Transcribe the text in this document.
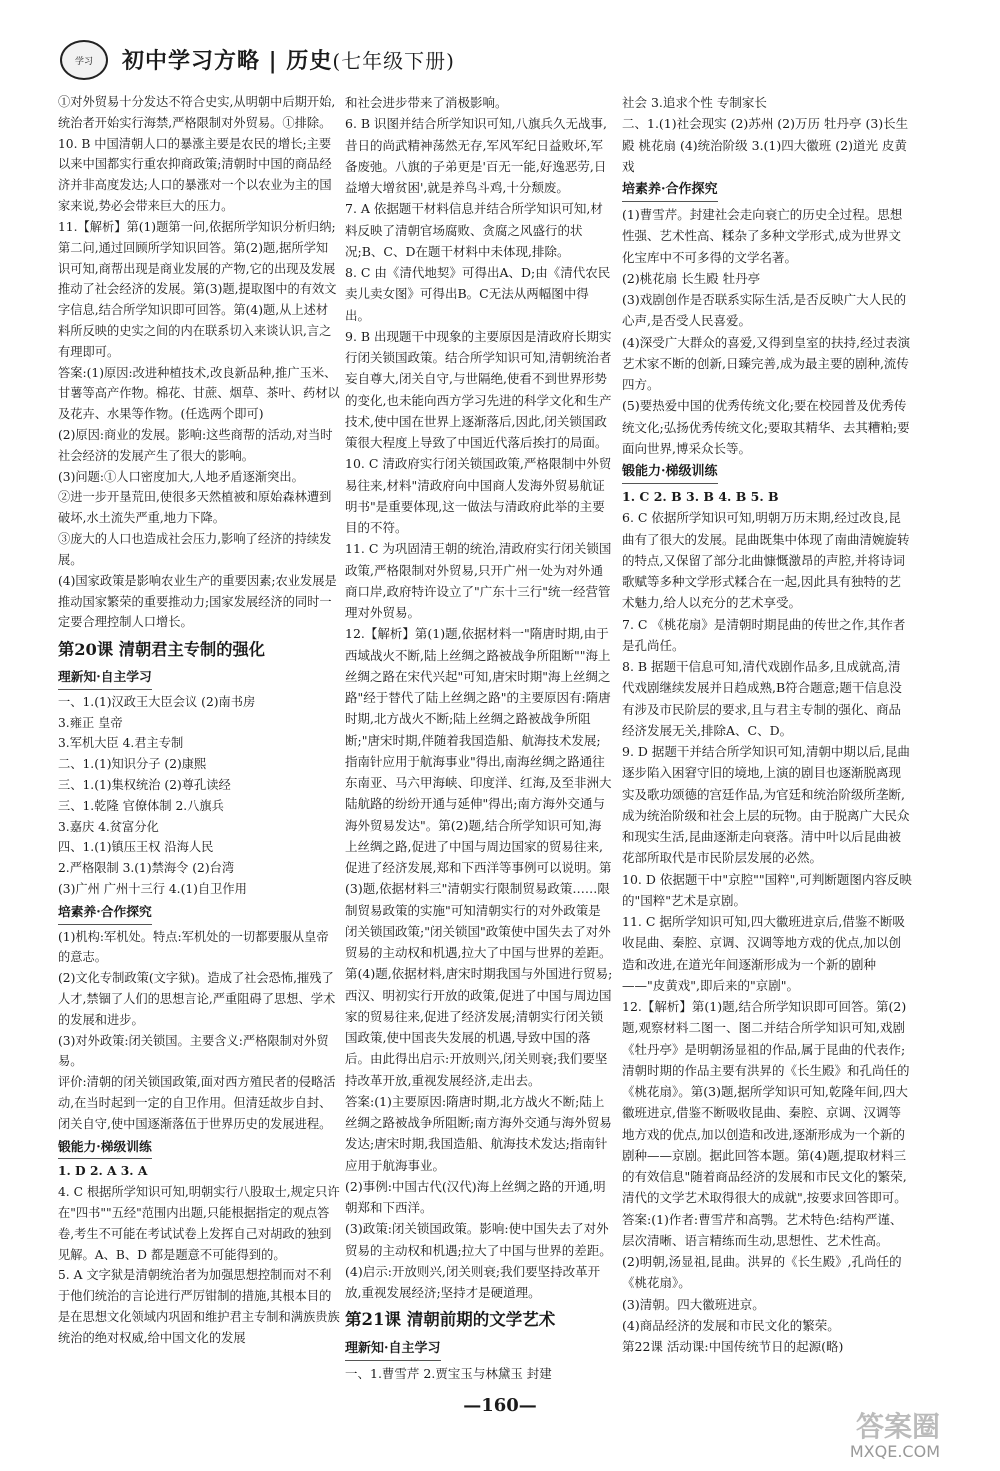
学习 初中学习方略 | 历史(七年级下册)

①对外贸易十分发达不符合史实,从明朝中后期开始,统治者开始实行海禁,严格限制对外贸易。①排除。

10. B 中国清朝人口的暴涨主要是农民的增长;主要以来中国都实行重农抑商政策;清朝时中国的商品经济并非高度发达;人口的暴涨对一个以农业为主的国家来说,势必会带来巨大的压力。

11.【解析】第(1)题第一问,依据所学知识分析归纳;第二问,通过回顾所学知识回答。第(2)题,据所学知识可知,商帮出现是商业发展的产物,它的出现及发展推动了社会经济的发展。第(3)题,提取图中的有效文字信息,结合所学知识即可回答。第(4)题,从上述材料所反映的史实之间的内在联系切入来谈认识,言之有理即可。

答案:(1)原因:改进种植技术,改良新品种,推广玉米、甘薯等高产作物。棉花、甘蔗、烟草、茶叶、药材以及花卉、水果等作物。(任选两个即可)

(2)原因:商业的发展。影响:这些商帮的活动,对当时社会经济的发展产生了很大的影响。

(3)问题:①人口密度加大,人地矛盾逐渐突出。

②进一步开垦荒田,使很多天然植被和原始森林遭到破坏,水土流失严重,地力下降。

③庞大的人口也造成社会压力,影响了经济的持续发展。

(4)国家政策是影响农业生产的重要因素;农业发展是推动国家繁荣的重要推动力;国家发展经济的同时一定要合理控制人口增长。

第20课 清朝君主专制的强化
理新知·自主学习

一、1.(1)汉政王大臣会议 (2)南书房

3.雍正 皇帝

3.军机大臣 4.君主专制

二、1.(1)知识分子 (2)康熙

三、1.(1)集权统治 (2)尊孔读经

三、1.乾隆 官僚体制 2.八旗兵

3.嘉庆 4.贫富分化

四、1.(1)镇压王权 沿海人民

2.严格限制 3.(1)禁海令 (2)台湾

(3)广州 广州十三行 4.(1)自卫作用

培素养·合作探究

(1)机构:军机处。特点:军机处的一切都要服从皇帝的意志。

(2)文化专制政策(文字狱)。造成了社会恐怖,摧残了人才,禁锢了人们的思想言论,严重阻碍了思想、学术的发展和进步。

(3)对外政策:闭关锁国。主要含义:严格限制对外贸易。

评价:清朝的闭关锁国政策,面对西方殖民者的侵略活动,在当时起到一定的自卫作用。但清廷故步自封、闭关自守,使中国逐渐落伍于世界历史的发展进程。

锻能力·梯级训练

1. D 2. A 3. A

4. C 根据所学知识可知,明朝实行八股取士,规定只许在"四书""五经"范围内出题,只能根据指定的观点答卷,考生不可能在考试试卷上发挥自己对胡政的独到见解。A、B、D 都是题意不可能得到的。

5. A 文字狱是清朝统治者为加强思想控制而对不利于他们统治的言论进行严厉钳制的措施,其根本目的是在思想文化领域内巩固和维护君主专制和满族贵族统治的绝对权威,给中国文化的发展

和社会进步带来了消极影响。

6. B 识图并结合所学知识可知,八旗兵久无战事,昔日的尚武精神荡然无存,军风军纪日益败坏,军备废弛。八旗的子弟更是'百无一能,好逸恶劳,日益增大增贫困',就是养鸟斗鸡,十分颓废。

7. A 依据题干材料信息并结合所学知识可知,材料反映了清朝官场腐败、贪腐之风盛行的状况;B、C、D在题干材料中未体现,排除。

8. C 由《清代地契》可得出A、D;由《清代农民卖儿卖女图》可得出B。C无法从两幅图中得出。

9. B 出现题干中现象的主要原因是清政府长期实行闭关锁国政策。结合所学知识可知,清朝统治者妄自尊大,闭关自守,与世隔绝,使看不到世界形势的变化,也未能向西方学习先进的科学文化和生产技术,使中国在世界上逐渐落后,因此,闭关锁国政策很大程度上导致了中国近代落后挨打的局面。

10. C 清政府实行闭关锁国政策,严格限制中外贸易往来,材料"清政府向中国商人发海外贸易航证明书"是重要体现,这一做法与清政府此举的主要目的不符。

11. C 为巩固清王朝的统治,清政府实行闭关锁国政策,严格限制对外贸易,只开广州一处为对外通商口岸,政府特许设立了"广东十三行"统一经营管理对外贸易。

12.【解析】第(1)题,依据材料一"隋唐时期,由于西域战火不断,陆上丝绸之路被战争所阻断""海上丝绸之路在宋代兴起"可知,唐宋时期"海上丝绸之路"经于替代了陆上丝绸之路"的主要原因有:隋唐时期,北方战火不断;陆上丝绸之路被战争所阻断;"唐宋时期,伴随着我国造船、航海技术发展;指南针应用于航海事业"得出,南海丝绸之路通往东南亚、马六甲海峡、印度洋、红海,及至非洲大陆航路的纷纷开通与延伸"得出;南方海外交通与海外贸易发达"。第(2)题,结合所学知识可知,海上丝绸之路,促进了中国与周边国家的贸易往来,促进了经济发展,郑和下西洋等事例可以说明。第(3)题,依据材料三"清朝实行限制贸易政策……限制贸易政策的实施"可知清朝实行的对外政策是闭关锁国政策;"闭关锁国"政策使中国失去了对外贸易的主动权和机遇,拉大了中国与世界的差距。第(4)题,依据材料,唐宋时期我国与外国进行贸易;西汉、明初实行开放的政策,促进了中国与周边国家的贸易往来,促进了经济发展;清朝实行闭关锁国政策,使中国丧失发展的机遇,导致中国的落后。由此得出启示:开放则兴,闭关则衰;我们要坚持改革开放,重视发展经济,走出去。

答案:(1)主要原因:隋唐时期,北方战火不断;陆上丝绸之路被战争所阻断;南方海外交通与海外贸易发达;唐宋时期,我国造船、航海技术发达;指南针应用于航海事业。

(2)事例:中国古代(汉代)海上丝绸之路的开通,明朝郑和下西洋。

(3)政策:闭关锁国政策。影响:使中国失去了对外贸易的主动权和机遇;拉大了中国与世界的差距。

(4)启示:开放则兴,闭关则衰;我们要坚持改革开放,重视发展经济;坚持才是硬道理。

第21课 清朝前期的文学艺术
理新知·自主学习

一、1.曹雪芹 2.贾宝玉与林黛玉 封建

社会 3.追求个性 专制家长

二、1.(1)社会现实 (2)苏州 (2)万历 牡丹亭 (3)长生殿 桃花扇 (4)统治阶级 3.(1)四大徽班 (2)道光 皮黄戏

培素养·合作探究

(1)曹雪芹。封建社会走向衰亡的历史全过程。思想性强、艺术性高、糅杂了多种文学形式,成为世界文化宝库中不可多得的文学名著。

(2)桃花扇 长生殿 牡丹亭

(3)戏剧创作是否联系实际生活,是否反映广大人民的心声,是否受人民喜爱。

(4)深受广大群众的喜爱,又得到皇室的扶持,经过表演艺术家不断的创新,日臻完善,成为最主要的剧种,流传四方。

(5)要热爱中国的优秀传统文化;要在校园普及优秀传统文化;弘扬优秀传统文化;要取其精华、去其糟粕;要面向世界,博采众长等。

锻能力·梯级训练

1. C 2. B 3. B 4. B 5. B

6. C 依据所学知识可知,明朝万历末期,经过改良,昆曲有了很大的发展。昆曲既集中体现了南曲清婉旋转的特点,又保留了部分北曲慷慨激昂的声腔,并将诗词歌赋等多种文学形式糅合在一起,因此具有独特的艺术魅力,给人以充分的艺术享受。

7. C 《桃花扇》是清朝时期昆曲的传世之作,其作者是孔尚任。

8. B 据题干信息可知,清代戏剧作品多,且成就高,清代戏剧继续发展并日趋成熟,B符合题意;题干信息没有涉及市民阶层的要求,且与君主专制的强化、商品经济发展无关,排除A、C、D。

9. D 据题干并结合所学知识可知,清朝中期以后,昆曲逐步陷入困窘守旧的境地,上演的剧目也逐渐脱离现实及歌功颂德的宫廷作品,为官廷和统治阶级所垄断,成为统治阶级和社会上层的玩物。由于脱离广大民众和现实生活,昆曲逐渐走向衰落。清中叶以后昆曲被花部所取代是市民阶层发展的必然。

10. D 依据题干中"京腔""国粹",可判断题图内容反映的"国粹"艺术是京剧。

11. C 据所学知识可知,四大徽班进京后,借鉴不断吸收昆曲、秦腔、京调、汉调等地方戏的优点,加以创造和改进,在道光年间逐渐形成为一个新的剧种——"皮黄戏",即后来的"京剧"。

12.【解析】第(1)题,结合所学知识即可回答。第(2)题,观察材料二图一、图二并结合所学知识可知,戏剧《牡丹亭》是明朝汤显祖的作品,属于昆曲的代表作;清朝时期的作品主要有洪昇的《长生殿》和孔尚任的《桃花扇》。第(3)题,据所学知识可知,乾隆年间,四大徽班进京,借鉴不断吸收昆曲、秦腔、京调、汉调等地方戏的优点,加以创造和改进,逐渐形成为一个新的剧种——京剧。据此回答本题。第(4)题,提取材料三的有效信息"随着商品经济的发展和市民文化的繁荣,清代的文学艺术取得很大的成就",按要求回答即可。

答案:(1)作者:曹雪芹和高鹗。艺术特色:结构严谨、层次清晰、语言精练而生动,思想性、艺术性高。

(2)明朝,汤显祖,昆曲。洪昇的《长生殿》,孔尚任的《桃花扇》。

(3)清朝。四大徽班进京。

(4)商品经济的发展和市民文化的繁荣。

第22课 活动课:中国传统节日的起源(略)

—160—
答案圈
MXQE.COM
